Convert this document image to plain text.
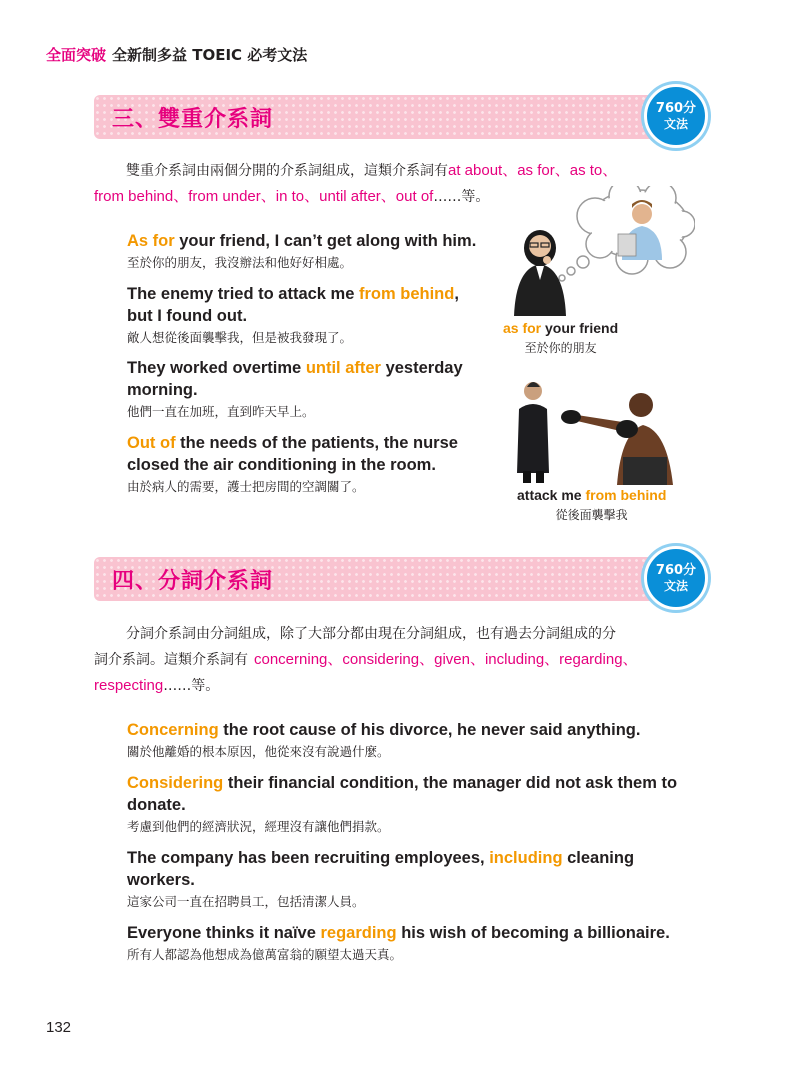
全面突破 全新制多益 TOEIC 必考文法
三、雙重介系詞	760分
文法
雙重介系詞由兩個分開的介系詞組成，這類介系詞有at about、as for、as to、
from behind、from under、in to、until after、out of……等。
As for your friend, I can’t get along with him.
至於你的朋友，我沒辦法和他好好相處。
The enemy tried to attack me from behind,
but I found out.
敵人想從後面襲擊我，但是被我發現了。
They worked overtime until after yesterday
morning.
他們一直在加班，直到昨天早上。
Out of the needs of the patients, the nurse
closed the air conditioning in the room.
由於病人的需要，護士把房間的空調關了。
as for your friend
至於你的朋友
attack me from behind
從後面襲擊我
四、分詞介系詞	760分
文法
分詞介系詞由分詞組成，除了大部分都由現在分詞組成，也有過去分詞組成的分
詞介系詞。這類介系詞有 concerning、considering、given、including、regarding、
respecting……等。
Concerning the root cause of his divorce, he never said anything.
關於他離婚的根本原因，他從來沒有說過什麼。
Considering their financial condition, the manager did not ask them to
donate.
考慮到他們的經濟狀況，經理沒有讓他們捐款。
The company has been recruiting employees, including cleaning
workers.
這家公司一直在招聘員工，包括清潔人員。
Everyone thinks it naïve regarding his wish of becoming a billionaire.
所有人都認為他想成為億萬富翁的願望太過天真。
132
